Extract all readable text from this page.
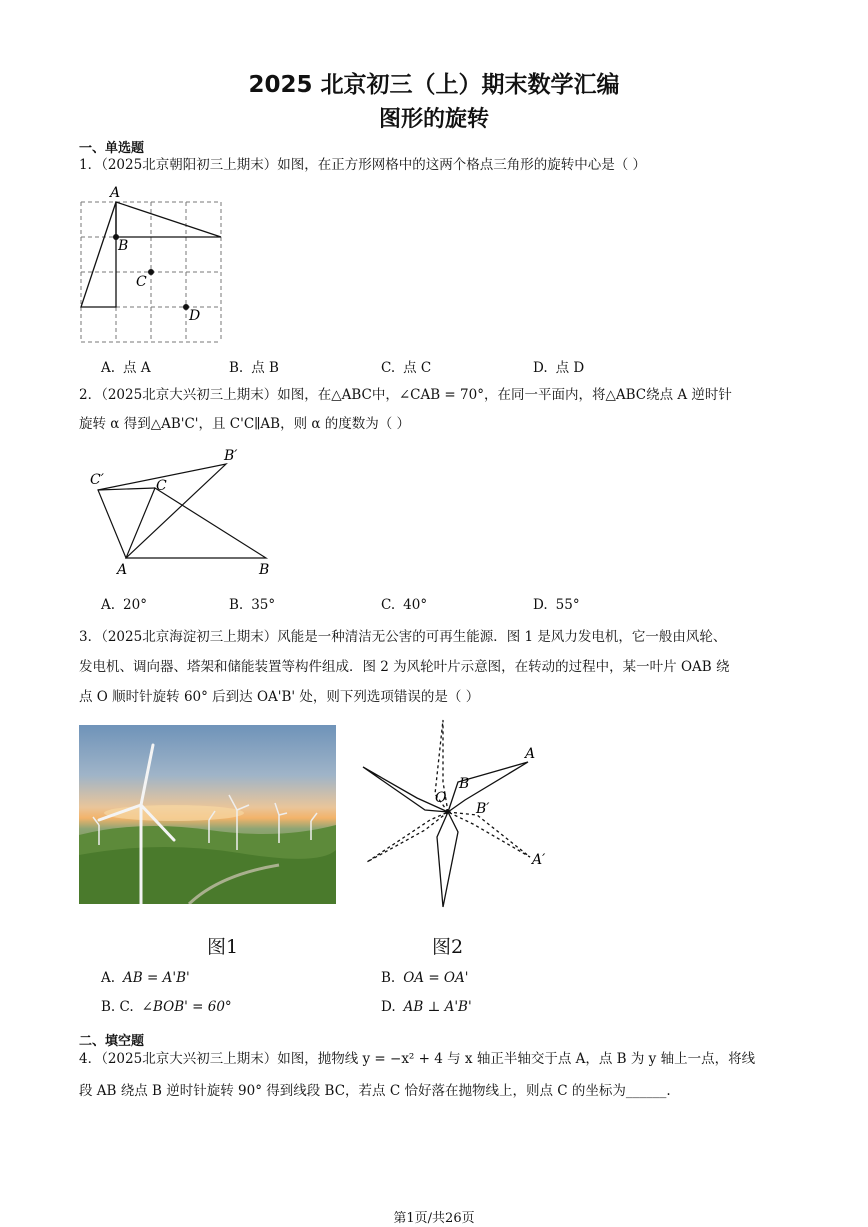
2025 北京初三（上）期末数学汇编
图形的旋转
一、单选题
1．（2025北京朝阳初三上期末）如图，在正方形网格中的这两个格点三角形的旋转中心是（ ）
A
B
C
D
A. 点 A	B. 点 B	C. 点 C	D. 点 D
2．（2025北京大兴初三上期末）如图，在△ABC中，∠CAB = 70°，在同一平面内，将△ABC绕点 A 逆时针
旋转 α 得到△AB'C'，且 C'C∥AB，则 α 的度数为（ ）
A	B
C
B′
C′
A. 20°	B. 35°	C. 40°	D. 55°
3．（2025北京海淀初三上期末）风能是一种清洁无公害的可再生能源．图 1 是风力发电机，它一般由风轮、
发电机、调向器、塔架和储能装置等构件组成．图 2 为风轮叶片示意图，在转动的过程中，某一叶片 OAB 绕
点 O 顺时针旋转 60° 后到达 OA'B' 处，则下列选项错误的是（ ）
O
B
A
B′
A′
图1	图2
A. AB = A'B'	B. OA = OA'
B. C. ∠BOB' = 60°	D. AB ⊥ A'B'
二、填空题
4．（2025北京大兴初三上期末）如图，抛物线 y = −x² + 4 与 x 轴正半轴交于点 A，点 B 为 y 轴上一点，将线
段 AB 绕点 B 逆时针旋转 90° 得到线段 BC，若点 C 恰好落在抛物线上，则点 C 的坐标为______.
第1页/共26页
